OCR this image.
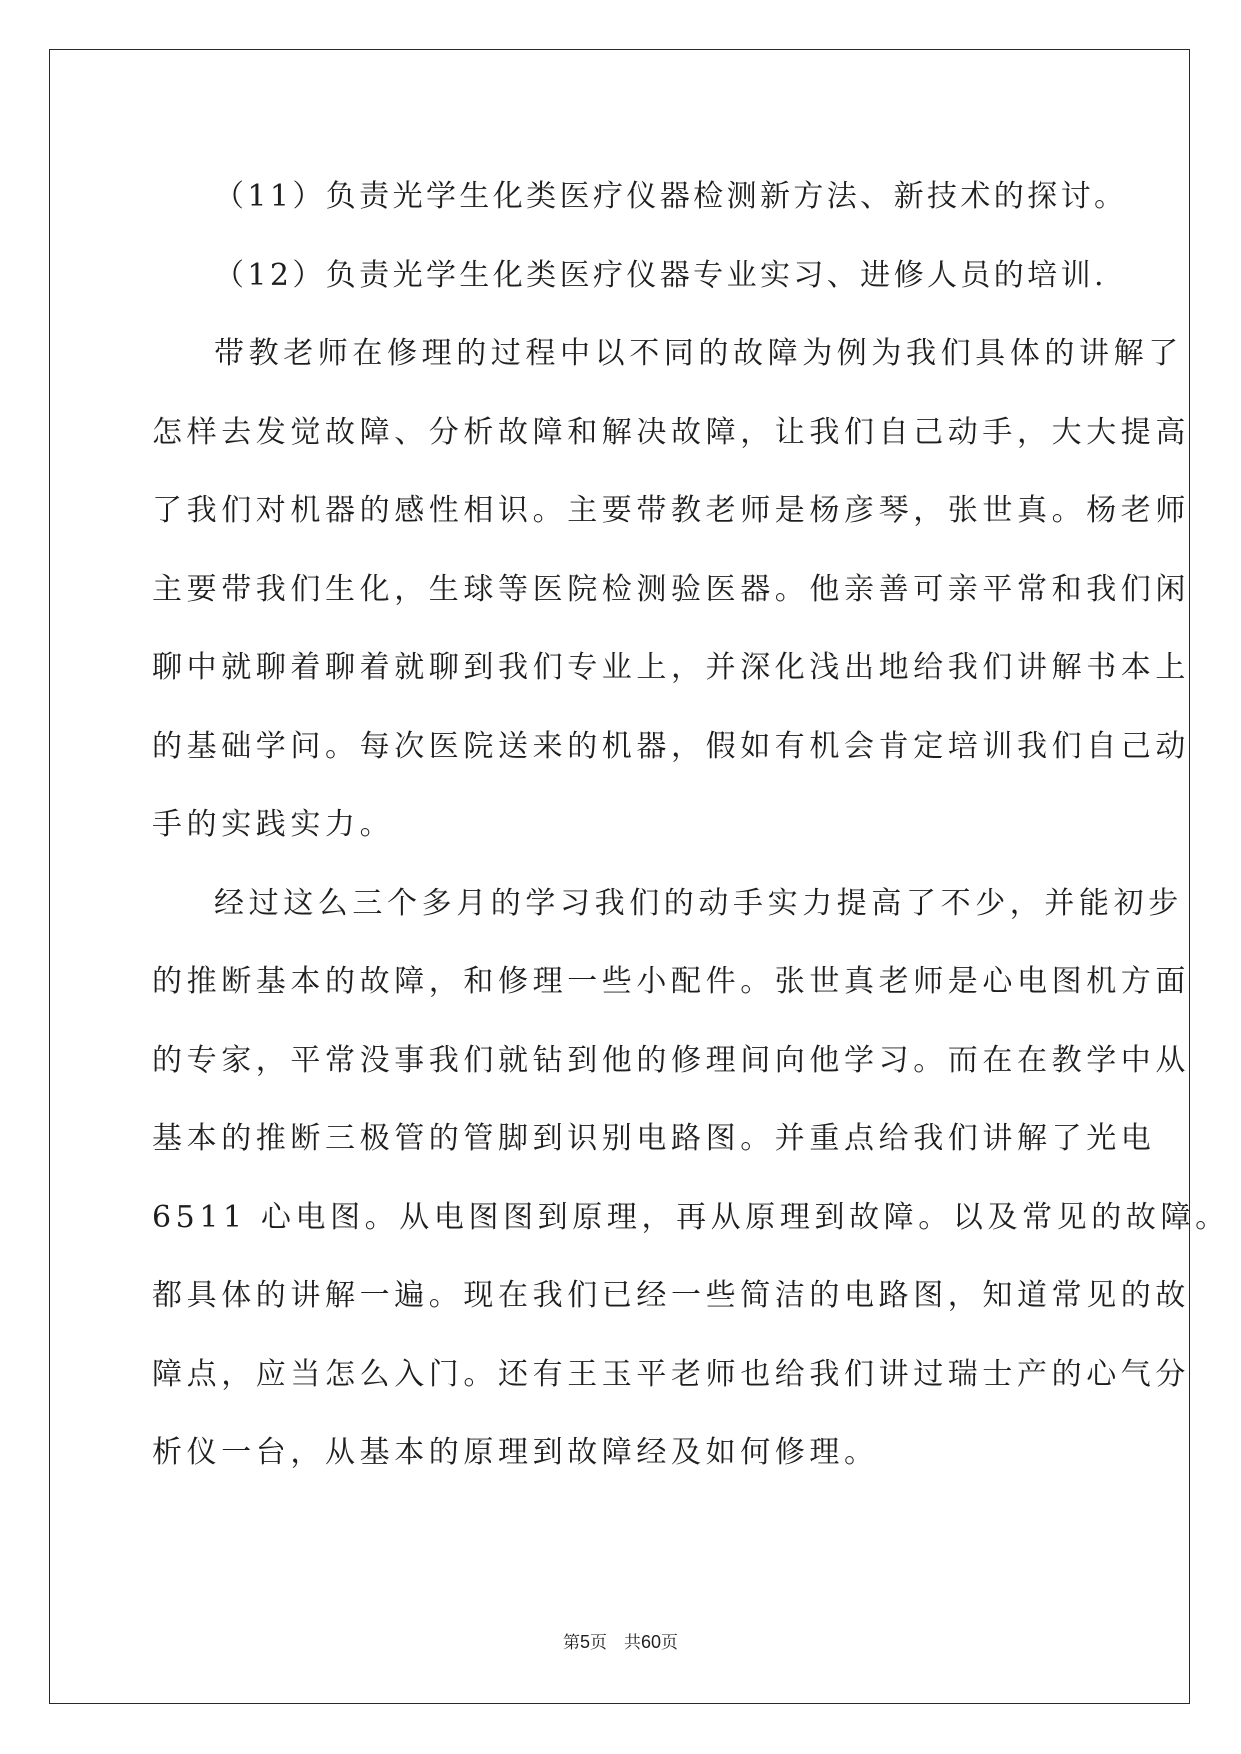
（11）负责光学生化类医疗仪器检测新方法、新技术的探讨。
（12）负责光学生化类医疗仪器专业实习、进修人员的培训.
带教老师在修理的过程中以不同的故障为例为我们具体的讲解了
怎样去发觉故障、分析故障和解决故障，让我们自己动手，大大提高
了我们对机器的感性相识。主要带教老师是杨彦琴，张世真。杨老师
主要带我们生化，生球等医院检测验医器。他亲善可亲平常和我们闲
聊中就聊着聊着就聊到我们专业上，并深化浅出地给我们讲解书本上
的基础学问。每次医院送来的机器，假如有机会肯定培训我们自己动
手的实践实力。
经过这么三个多月的学习我们的动手实力提高了不少，并能初步
的推断基本的故障，和修理一些小配件。张世真老师是心电图机方面
的专家，平常没事我们就钻到他的修理间向他学习。而在在教学中从
基本的推断三极管的管脚到识别电路图。并重点给我们讲解了光电
6511 心电图。从电图图到原理，再从原理到故障。以及常见的故障。
都具体的讲解一遍。现在我们已经一些简洁的电路图，知道常见的故
障点，应当怎么入门。还有王玉平老师也给我们讲过瑞士产的心气分
析仪一台，从基本的原理到故障经及如何修理。
第5页　 共60页
